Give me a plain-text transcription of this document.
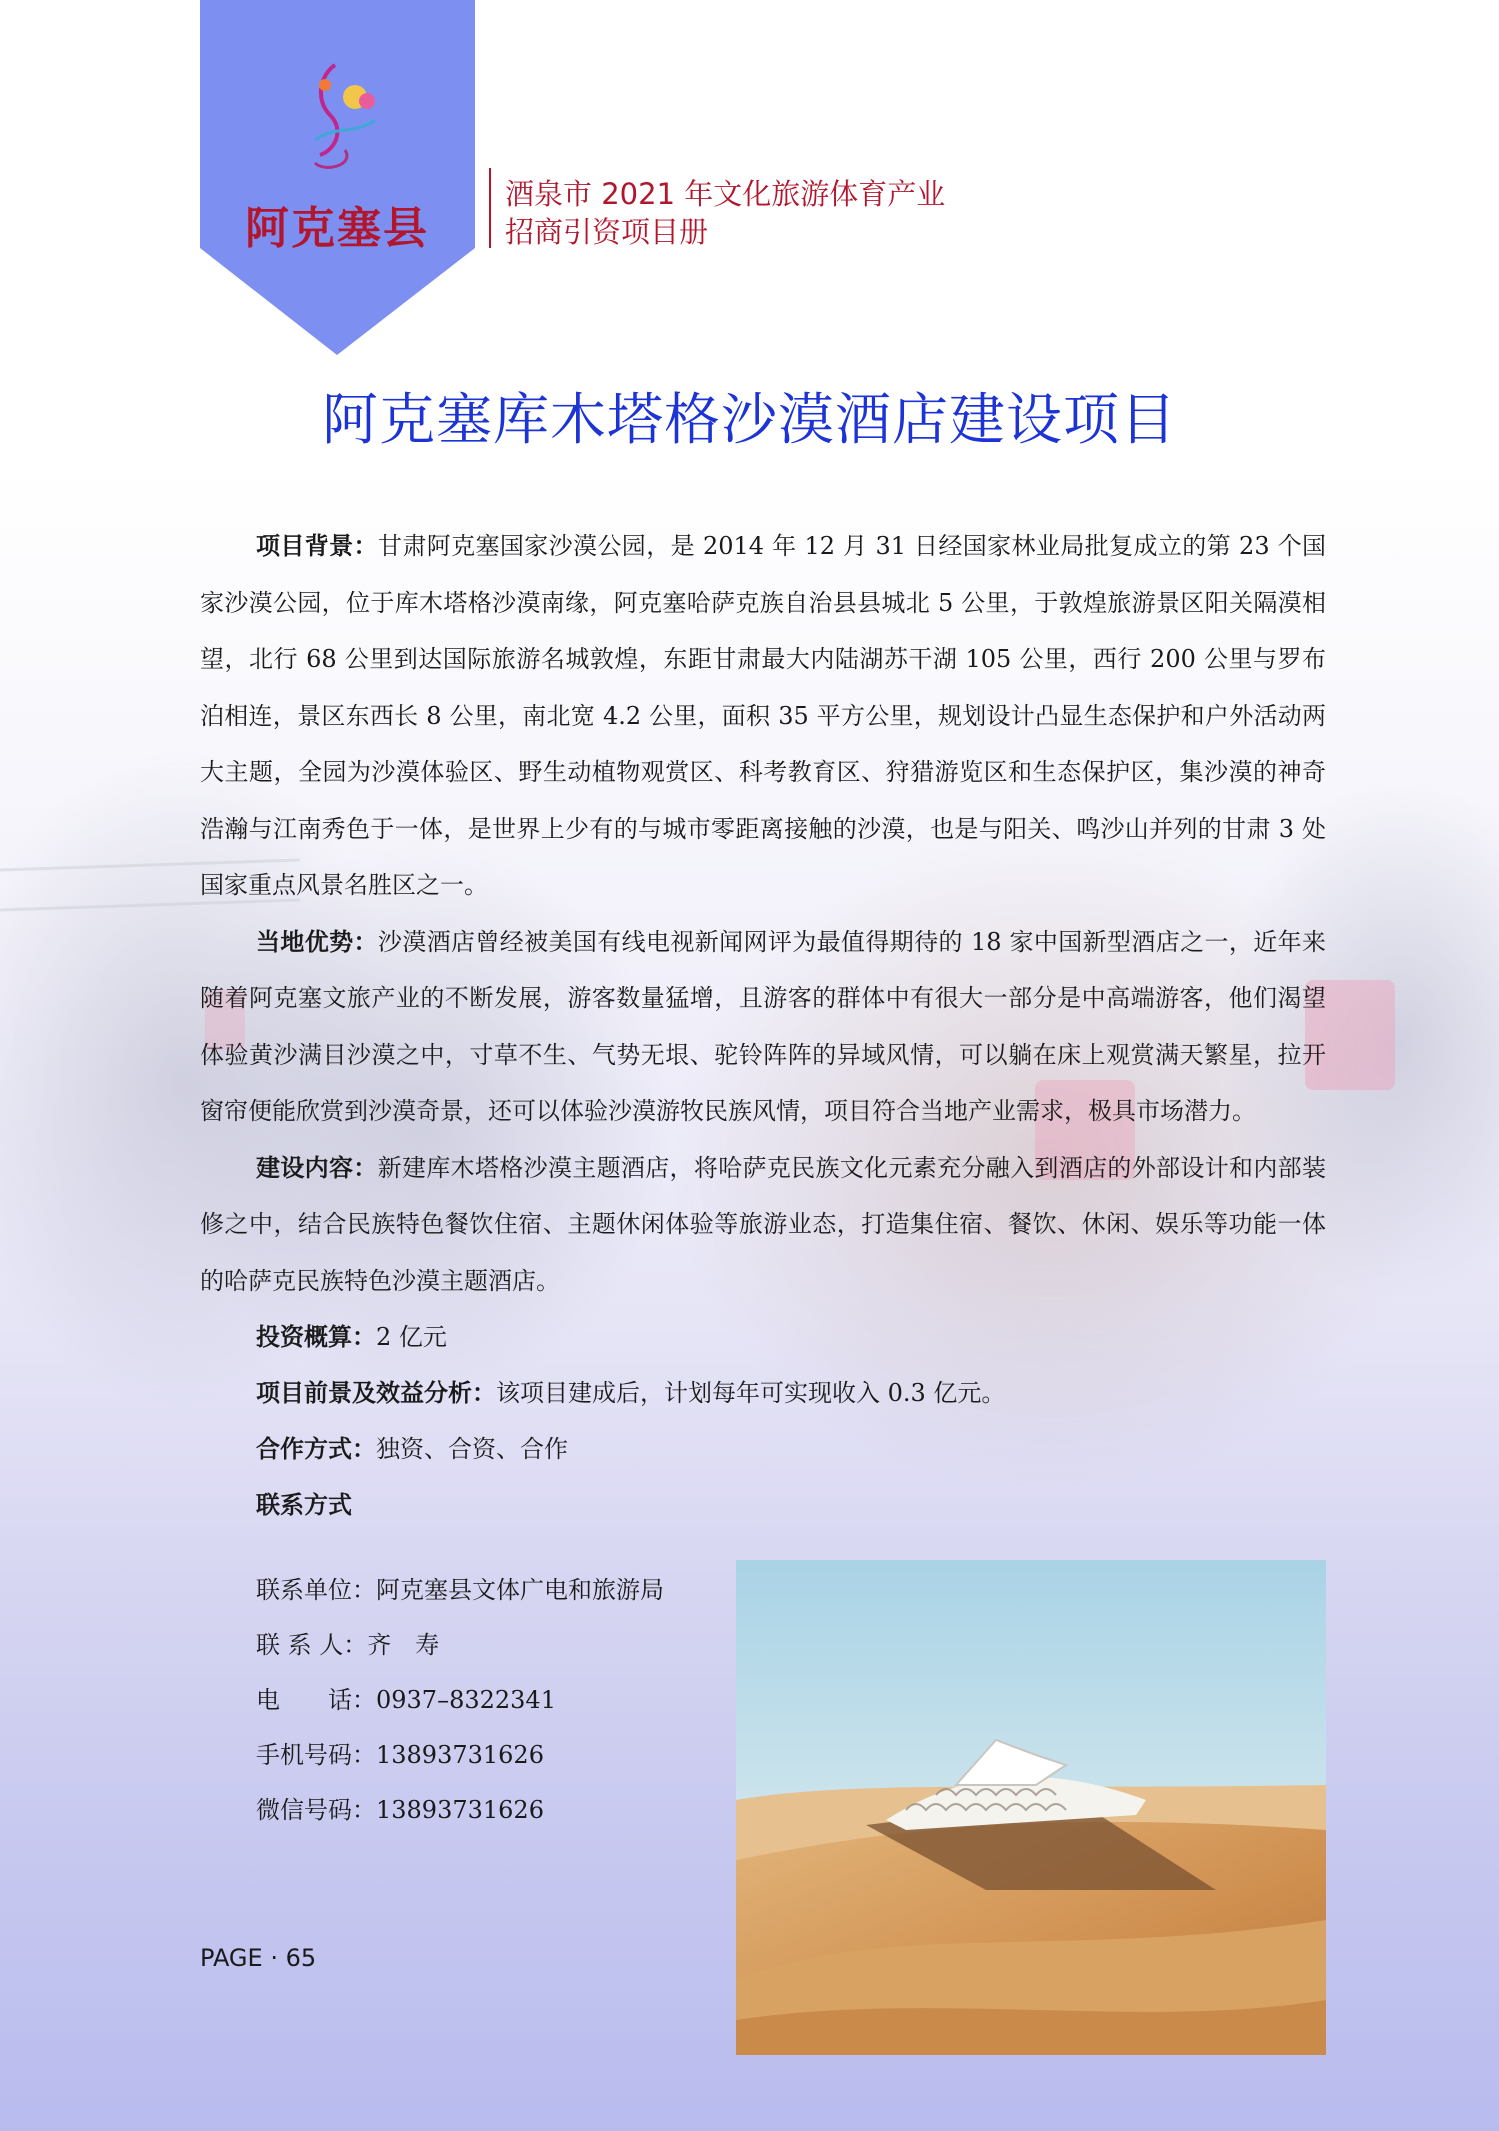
阿克塞县
酒泉市 2021 年文化旅游体育产业
招商引资项目册
阿克塞库木塔格沙漠酒店建设项目

项目背景：甘肃阿克塞国家沙漠公园，是 2014 年 12 月 31 日经国家林业局批复成立的第 23 个国家沙漠公园，位于库木塔格沙漠南缘，阿克塞哈萨克族自治县县城北 5 公里，于敦煌旅游景区阳关隔漠相望，北行 68 公里到达国际旅游名城敦煌，东距甘肃最大内陆湖苏干湖 105 公里，西行 200 公里与罗布泊相连，景区东西长 8 公里，南北宽 4.2 公里，面积 35 平方公里，规划设计凸显生态保护和户外活动两大主题，全园为沙漠体验区、野生动植物观赏区、科考教育区、狩猎游览区和生态保护区，集沙漠的神奇浩瀚与江南秀色于一体，是世界上少有的与城市零距离接触的沙漠，也是与阳关、鸣沙山并列的甘肃 3 处国家重点风景名胜区之一。

当地优势：沙漠酒店曾经被美国有线电视新闻网评为最值得期待的 18 家中国新型酒店之一，近年来随着阿克塞文旅产业的不断发展，游客数量猛增，且游客的群体中有很大一部分是中高端游客，他们渴望体验黄沙满目沙漠之中，寸草不生、气势无垠、驼铃阵阵的异域风情，可以躺在床上观赏满天繁星，拉开窗帘便能欣赏到沙漠奇景，还可以体验沙漠游牧民族风情，项目符合当地产业需求，极具市场潜力。

建设内容：新建库木塔格沙漠主题酒店，将哈萨克民族文化元素充分融入到酒店的外部设计和内部装修之中，结合民族特色餐饮住宿、主题休闲体验等旅游业态，打造集住宿、餐饮、休闲、娱乐等功能一体的哈萨克民族特色沙漠主题酒店。

投资概算：2 亿元

项目前景及效益分析：该项目建成后，计划每年可实现收入 0.3 亿元。

合作方式：独资、合资、合作

联系方式

联系单位：阿克塞县文体广电和旅游局
联 系 人：齐　寿
电　　话：0937–8322341
手机号码：13893731626
微信号码：13893731626
PAGE · 65
